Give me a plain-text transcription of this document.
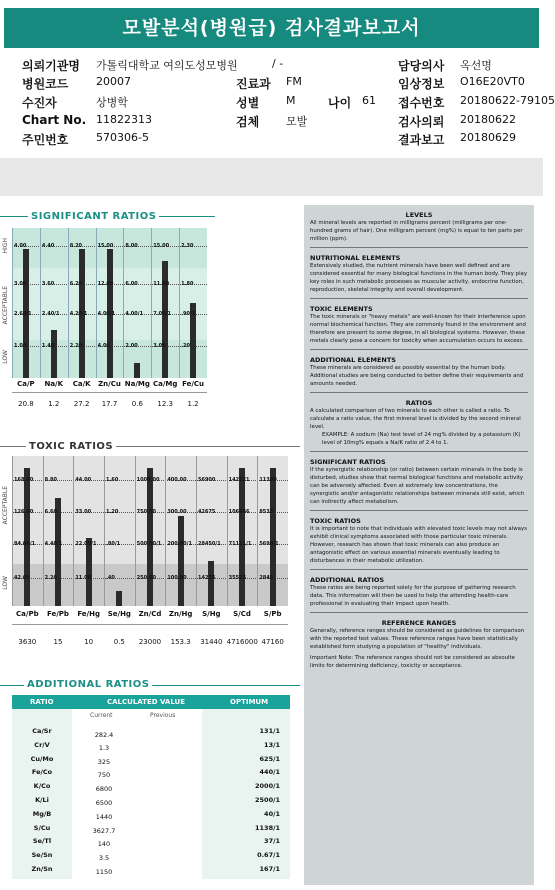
모발분석(병원급) 검사결과보고서
의뢰기관명 가톨릭대학교 여의도성모병원	/ -	담당의사 옥선명
병원코드	20007	진료과 FM	임상정보 O16E20VT0
수진자	상병학	성별 M	나이 61 접수번호 20180622-79105
Chart No. 11822313	검체 모발	검사의뢰 20180622
주민번호	570306-5	결과보고 20180629
SIGNIFICANT RATIOS
4.00
3.00
2.60/1
1.00
4.40
3.60
2.40/1
1.40
8.20
6.20
4.20/1
2.20
15.00
12.00
4.00/1
4.00
8.00
6.00
4.00/1
2.00
15.00
11.00
7.00/1
3.00
2.30
1.80
.90/1
.20
HIGH
ACCEPTABLE
LOW
Ca/P
20.8
Na/K
1.2
Ca/K
27.2
Zn/Cu
17.7
Na/Mg
0.6
Ca/Mg
12.3
Fe/Cu
1.2
TOXIC RATIOS
168.00
126.00
84.00/1
42.00
8.80
6.60
4.40/1
2.20
44.00
33.00
22.00/1
11.00
1.60
1.20
.80/1
.40
1000.00
750.00
500.00/1
250.00
400.00
300.00
200.00/1
100.00
56900
42675
28450/1
14225
142221
106666
71111/1
35555
11380
8535
5690/1
2845
ACCEPTABLE
LOW
Ca/Pb
3630
Fe/Pb
15
Fe/Hg
10
Se/Hg
0.5
Zn/Cd
23000
Zn/Hg
153.3
S/Hg
31440
S/Cd
4716000
S/Pb
47160
ADDITIONAL RATIOS
RATIO	CALCULATED VALUE	OPTIMUM
Current	Previous
Ca/Sr	282.4	131/1
Cr/V	1.3	13/1
Cu/Mo	325	625/1
Fe/Co	750	440/1
K/Co	6800	2000/1
K/Li	6500	2500/1
Mg/B	1440	40/1
S/Cu	3627.7	1138/1
Se/Tl	140	37/1
Se/Sn	3.5	0.67/1
Zn/Sn	1150	167/1
LEVELS
All mineral levels are reported in milligrams percent (milligrams per one-hundred grams of hair). One milligram percent (mg%) is equal to ten parts per million (ppm).
NUTRITIONAL ELEMENTS
Extensively studied, the nutrient minerals have been well defined and are considered essential for many biological functions in the human body. They play key roles in such metabolic processes as muscular activity, endocrine function, reproduction, skeletal integrity and overall development.
TOXIC ELEMENTS
The toxic minerals or "heavy metals" are well-known for their interference upon normal biochemical function. They are commonly found in the environment and therefore are present to some degree, in all biological systems. However, these metals clearly pose a concern for toxicity when accumulation occurs to excess.
ADDITIONAL ELEMENTS
These minerals are considered as possibly essential by the human body. Additional studies are being conducted to better define their requirements and amounts needed.
RATIOS
A calculated comparison of two minerals to each other is called a ratio. To calculate a ratio value, the first mineral level is divided by the second mineral level.
EXAMPLE: A sodium (Na) test level of 24 mg% divided by a potassium (K) level of 10mg% equals a Na/K ratio of 2.4 to 1.
SIGNIFICANT RATIOS
If the synergistic relationship (or ratio) between certain minerals in the body is disturbed, studies show that normal biological functions and metabolic activity can be adversely affected. Even at extremely low concentrations, the synergistic and/or antagonistic relationships between minerals still exist, which can indirectly affect metabolism.
TOXIC RATIOS
It is important to note that individuals with elevated toxic levels may not always exhibit clinical symptoms associated with those particular toxic minerals. However, research has shown that toxic minerals can also produce an antagonistic effect on various essential minerals eventually leading to disturbances in their metabolic utilization.
ADDITIONAL RATIOS
These ratios are being reported solely for the purpose of gathering research data. This information will then be used to help the attending health-care professional in evaluating their impact upon health.
REFERENCE RANGES
Generally, reference ranges should be considered as guidelines for comparison with the reported test values. These reference ranges have been statistically established form studying a population of "healthy" individuals.
Important Note: The reference ranges should not be considered as absoulte limits for determining deficiency, toxicity or acceptance.
